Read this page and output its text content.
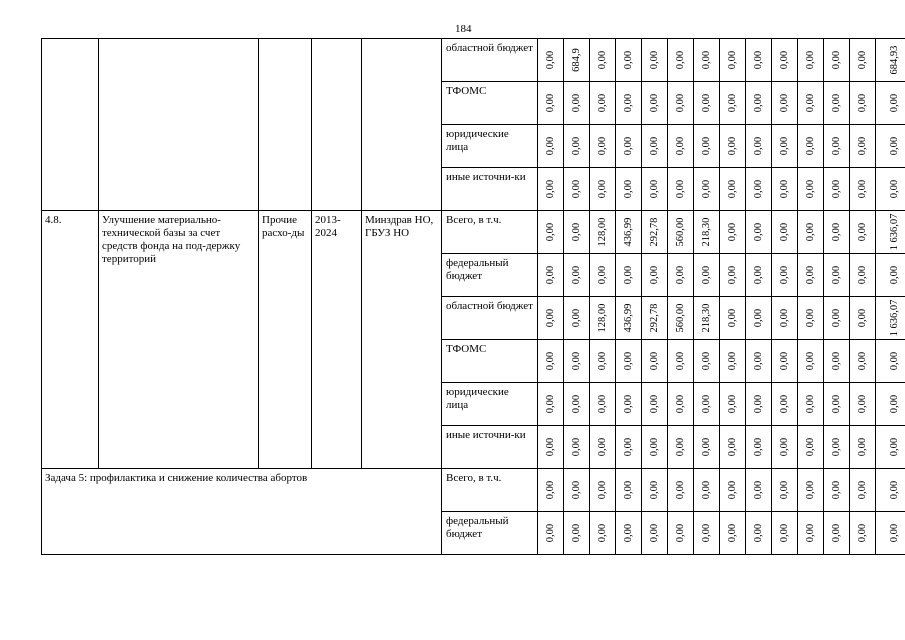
184
					областной бюджет	0,00	684,9	0,00	0,00	0,00	0,00	0,00	0,00	0,00	0,00	0,00	0,00	0,00	684,93

					ТФОМС	0,00	0,00	0,00	0,00	0,00	0,00	0,00	0,00	0,00	0,00	0,00	0,00	0,00	0,00

					юридические лица	0,00	0,00	0,00	0,00	0,00	0,00	0,00	0,00	0,00	0,00	0,00	0,00	0,00	0,00

					иные источни-ки	0,00	0,00	0,00	0,00	0,00	0,00	0,00	0,00	0,00	0,00	0,00	0,00	0,00	0,00

4.8.	Улучшение материально-технической базы за счет средств фонда на под-держку территорий	Прочие расхо-ды	2013-2024	Минздрав НО, ГБУЗ НО	Всего, в т.ч.	0,00	0,00	128,00	436,99	292,78	560,00	218,30	0,00	0,00	0,00	0,00	0,00	0,00	1 636,07

					федеральный бюджет	0,00	0,00	0,00	0,00	0,00	0,00	0,00	0,00	0,00	0,00	0,00	0,00	0,00	0,00

					областной бюджет	0,00	0,00	128,00	436,99	292,78	560,00	218,30	0,00	0,00	0,00	0,00	0,00	0,00	1 636,07

					ТФОМС	0,00	0,00	0,00	0,00	0,00	0,00	0,00	0,00	0,00	0,00	0,00	0,00	0,00	0,00

					юридические лица	0,00	0,00	0,00	0,00	0,00	0,00	0,00	0,00	0,00	0,00	0,00	0,00	0,00	0,00

					иные источни-ки	0,00	0,00	0,00	0,00	0,00	0,00	0,00	0,00	0,00	0,00	0,00	0,00	0,00	0,00

Задача 5: профилактика и снижение количества абортов					Всего, в т.ч.	0,00	0,00	0,00	0,00	0,00	0,00	0,00	0,00	0,00	0,00	0,00	0,00	0,00	0,00

					федеральный бюджет	0,00	0,00	0,00	0,00	0,00	0,00	0,00	0,00	0,00	0,00	0,00	0,00	0,00	0,00
